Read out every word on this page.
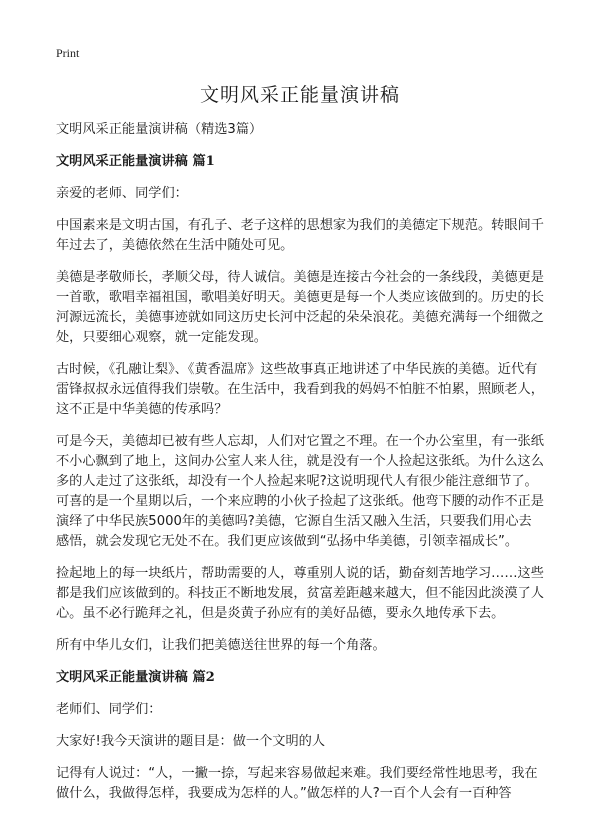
Print
文明风采正能量演讲稿

文明风采正能量演讲稿（精选3篇）

文明风采正能量演讲稿 篇1

亲爱的老师、同学们：

中国素来是文明古国，有孔子、老子这样的思想家为我们的美德定下规范。转眼间千年过去了，美德依然在生活中随处可见。

美德是孝敬师长，孝顺父母，待人诚信。美德是连接古今社会的一条线段，美德更是一首歌，歌唱幸福祖国，歌唱美好明天。美德更是每一个人类应该做到的。历史的长河源远流长，美德事迹就如同这历史长河中泛起的朵朵浪花。美德充满每一个细微之处，只要细心观察，就一定能发现。

古时候，《孔融让梨》、《黄香温席》这些故事真正地讲述了中华民族的美德。近代有雷锋叔叔永远值得我们崇敬。在生活中，我看到我的妈妈不怕脏不怕累，照顾老人，这不正是中华美德的传承吗？

可是今天，美德却已被有些人忘却，人们对它置之不理。在一个办公室里，有一张纸不小心飘到了地上，这间办公室人来人往，就是没有一个人捡起这张纸。为什么这么多的人走过了这张纸，却没有一个人捡起来呢?这说明现代人有很少能注意细节了。可喜的是一个星期以后，一个来应聘的小伙子捡起了这张纸。他弯下腰的动作不正是演绎了中华民族5000年的美德吗?美德，它源自生活又融入生活，只要我们用心去感悟，就会发现它无处不在。我们更应该做到“弘扬中华美德，引领幸福成长”。

捡起地上的每一块纸片，帮助需要的人，尊重别人说的话，勤奋刻苦地学习……这些都是我们应该做到的。科技正不断地发展，贫富差距越来越大，但不能因此淡漠了人心。虽不必行跪拜之礼，但是炎黄子孙应有的美好品德，要永久地传承下去。

所有中华儿女们，让我们把美德送往世界的每一个角落。

文明风采正能量演讲稿 篇2

老师们、同学们：

大家好!我今天演讲的题目是：做一个文明的人

记得有人说过：“人，一撇一捺，写起来容易做起来难。我们要经常性地思考，我在做什么，我做得怎样，我要成为怎样的人。”做怎样的人?一百个人会有一百种答
